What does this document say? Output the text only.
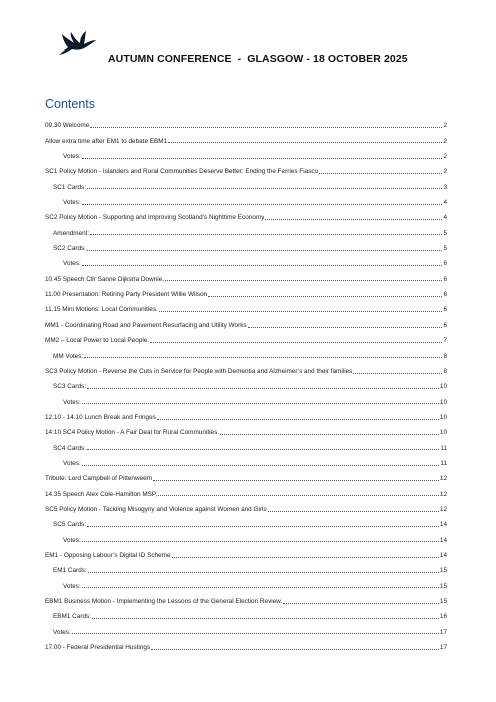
AUTUMN CONFERENCE  -  GLASGOW - 18 OCTOBER 2025
Contents
09.30 Welcome	2
Allow extra time after EM1 to debate EBM1	2
Votes:	2
SC1 Policy Motion - Islanders and Rural Communities Deserve Better: Ending the Ferries Fiasco	2
SC1 Cards:	3
Votes:	4
SC2 Policy Motion - Supporting and Improving Scotland’s Nighttime Economy	4
Amendment:	5
SC2 Cards:	5
Votes:	6
10.45 Speech Cllr Sanne Dijkstra Downie,	6
11.00 Presentation: Retiring Party President Willie Wilson	6
11.15 Mini Motions: Local Communities.	6
MM1 - Coordinating Road and Pavement Resurfacing and Utility Works	6
MM2 – Local Power to Local People.	7
MM Votes:	8
SC3 Policy Motion - Reverse the Cuts in Service for People with Dementia and Alzheimer’s and their families	8
SC3 Cards:	10
Votes:	10
12.10 - 14.10 Lunch Break and Fringes	10
14:10 SC4 Policy Motion - A Fair Deal for Rural Communities.	10
SC4 Cards:	11
Votes:	11
Tribute: Lord Campbell of Pittenweem	12
14.35 Speech Alex Cole-Hamilton MSP,	12
SC5 Policy Motion - Tackling Misogyny and Violence against Women and Girls	12
SC5 Cards:	14
Votes:	14
EM1 - Opposing Labour’s Digital ID Scheme	14
EM1 Cards:	15
Votes:	15
EBM1 Business Motion - Implementing the Lessons of the General Election Review.	15
EBM1 Cards:	16
Votes:	17
17.00 - Federal Presidential Hustings	17
